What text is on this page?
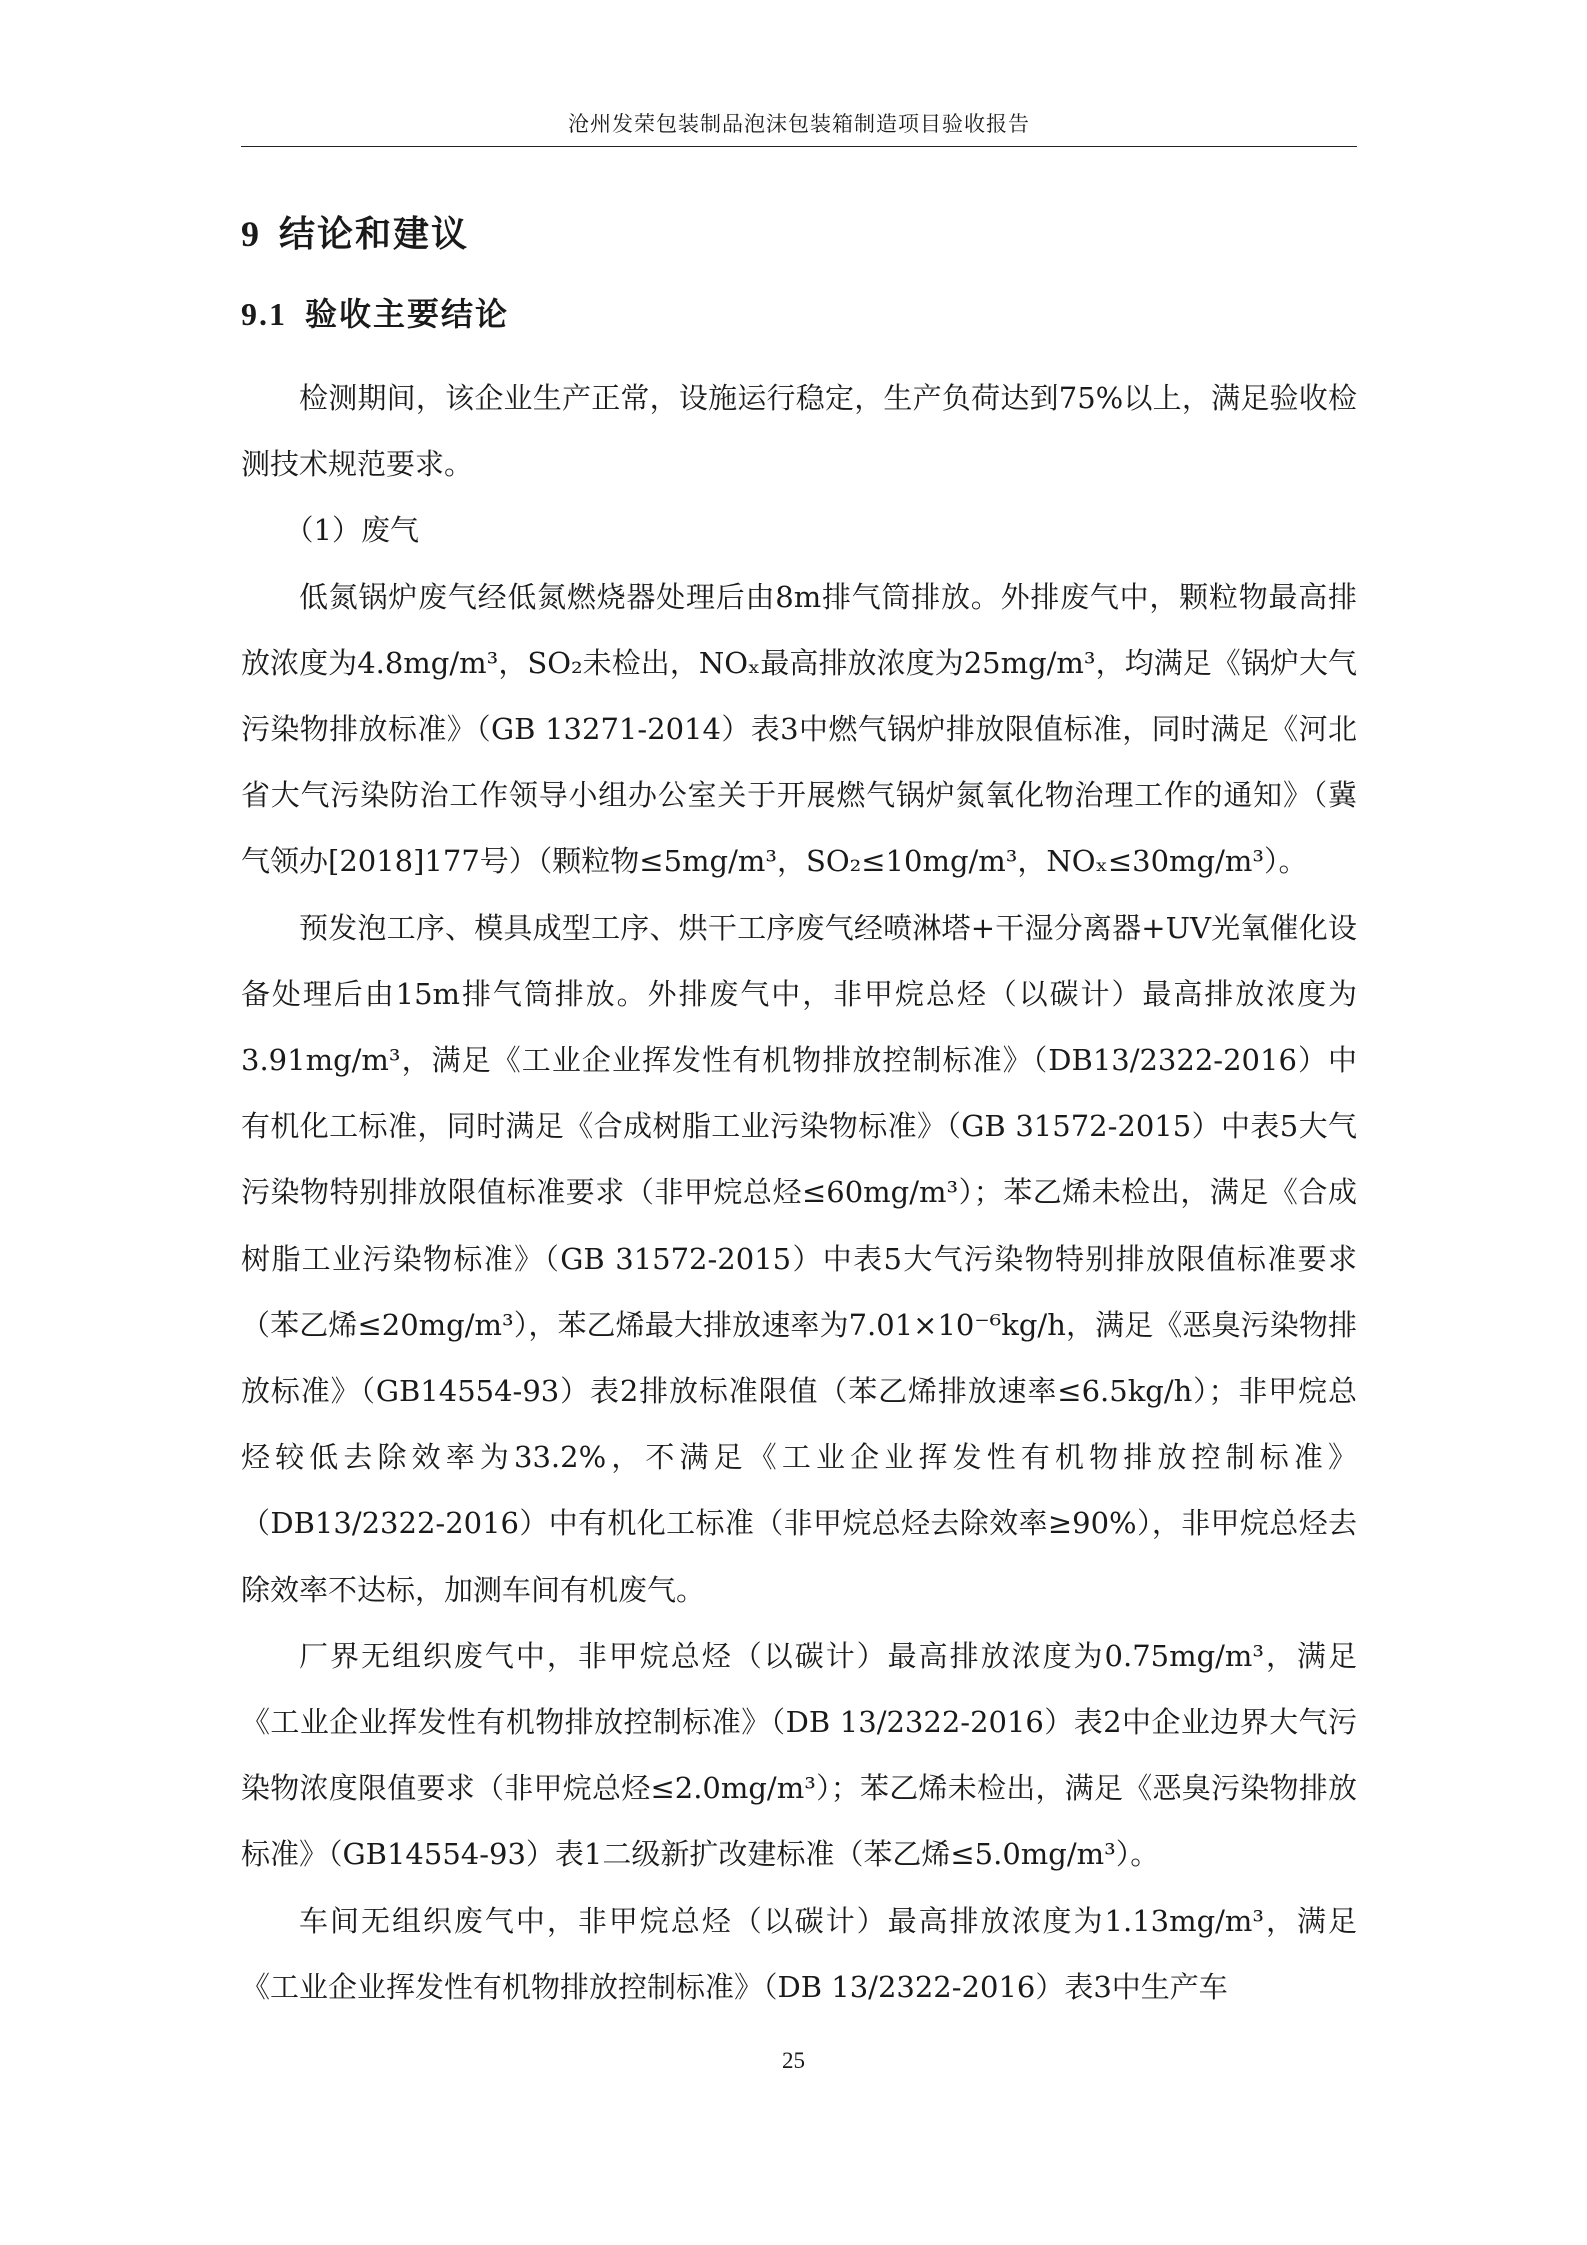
沧州发荣包装制品泡沫包装箱制造项目验收报告
9 结论和建议
9.1 验收主要结论

检测期间，该企业生产正常，设施运行稳定，生产负荷达到75%以上，满足验收检测技术规范要求。

（1）废气

低氮锅炉废气经低氮燃烧器处理后由8m排气筒排放。外排废气中，颗粒物最高排放浓度为4.8mg/m³，SO₂未检出，NOₓ最高排放浓度为25mg/m³，均满足《锅炉大气污染物排放标准》（GB 13271-2014）表3中燃气锅炉排放限值标准，同时满足《河北省大气污染防治工作领导小组办公室关于开展燃气锅炉氮氧化物治理工作的通知》（冀气领办[2018]177号）（颗粒物≤5mg/m³，SO₂≤10mg/m³，NOₓ≤30mg/m³）。

预发泡工序、模具成型工序、烘干工序废气经喷淋塔+干湿分离器+UV光氧催化设备处理后由15m排气筒排放。外排废气中，非甲烷总烃（以碳计）最高排放浓度为3.91mg/m³，满足《工业企业挥发性有机物排放控制标准》（DB13/2322-2016）中有机化工标准，同时满足《合成树脂工业污染物标准》（GB 31572-2015）中表5大气污染物特别排放限值标准要求（非甲烷总烃≤60mg/m³）；苯乙烯未检出，满足《合成树脂工业污染物标准》（GB 31572-2015）中表5大气污染物特别排放限值标准要求（苯乙烯≤20mg/m³），苯乙烯最大排放速率为7.01×10⁻⁶kg/h，满足《恶臭污染物排放标准》（GB14554-93）表2排放标准限值（苯乙烯排放速率≤6.5kg/h）；非甲烷总烃较低去除效率为33.2%，不满足《工业企业挥发性有机物排放控制标准》（DB13/2322-2016）中有机化工标准（非甲烷总烃去除效率≥90%），非甲烷总烃去除效率不达标，加测车间有机废气。

厂界无组织废气中，非甲烷总烃（以碳计）最高排放浓度为0.75mg/m³，满足《工业企业挥发性有机物排放控制标准》（DB 13/2322-2016）表2中企业边界大气污染物浓度限值要求（非甲烷总烃≤2.0mg/m³）；苯乙烯未检出，满足《恶臭污染物排放标准》（GB14554-93）表1二级新扩改建标准（苯乙烯≤5.0mg/m³）。

车间无组织废气中，非甲烷总烃（以碳计）最高排放浓度为1.13mg/m³，满足《工业企业挥发性有机物排放控制标准》（DB 13/2322-2016）表3中生产车

25
